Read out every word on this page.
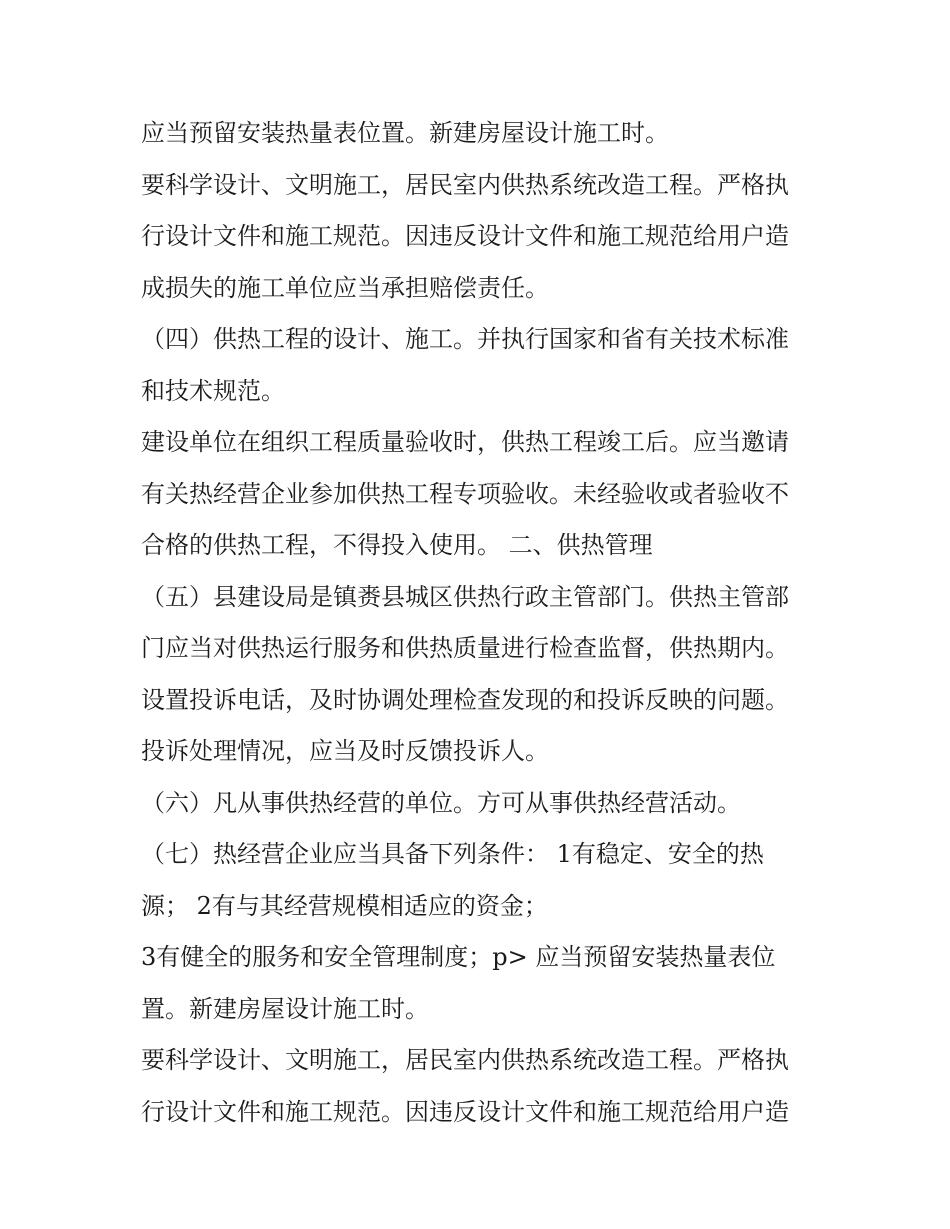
应当预留安装热量表位置。新建房屋设计施工时。
要科学设计、文明施工，居民室内供热系统改造工程。严格执
行设计文件和施工规范。因违反设计文件和施工规范给用户造
成损失的施工单位应当承担赔偿责任。
（四）供热工程的设计、施工。并执行国家和省有关技术标准
和技术规范。
建设单位在组织工程质量验收时，供热工程竣工后。应当邀请
有关热经营企业参加供热工程专项验收。未经验收或者验收不
合格的供热工程，不得投入使用。 二、供热管理
（五）县建设局是镇赉县城区供热行政主管部门。供热主管部
门应当对供热运行服务和供热质量进行检查监督，供热期内。
设置投诉电话，及时协调处理检查发现的和投诉反映的问题。
投诉处理情况，应当及时反馈投诉人。
（六）凡从事供热经营的单位。方可从事供热经营活动。
（七）热经营企业应当具备下列条件： 1有稳定、安全的热
源； 2有与其经营规模相适应的资金；
3有健全的服务和安全管理制度；p> 应当预留安装热量表位
置。新建房屋设计施工时。
要科学设计、文明施工，居民室内供热系统改造工程。严格执
行设计文件和施工规范。因违反设计文件和施工规范给用户造
